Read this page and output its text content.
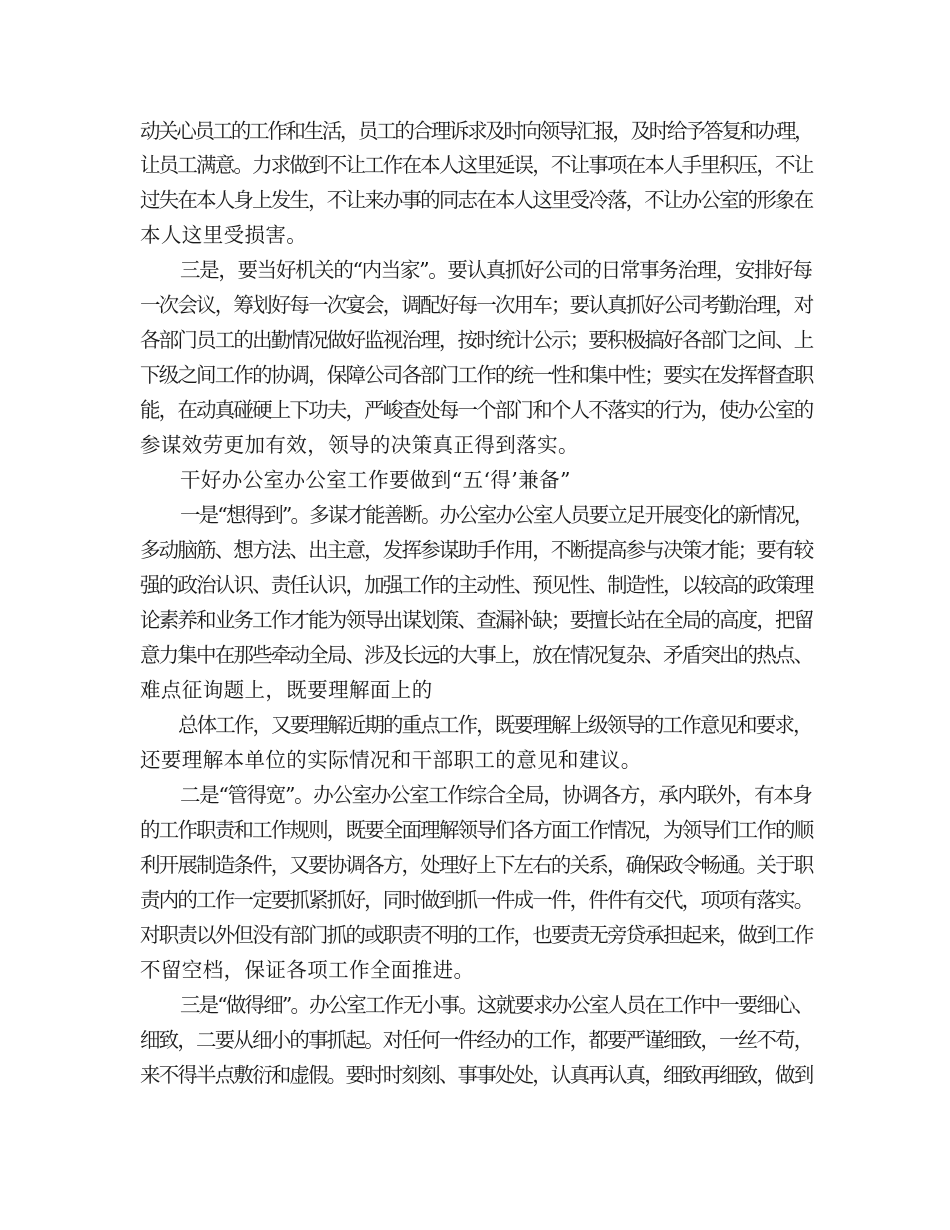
动关心员工的工作和生活，员工的合理诉求及时向领导汇报，及时给予答复和办理，
让员工满意。力求做到不让工作在本人这里延误，不让事项在本人手里积压，不让
过失在本人身上发生，不让来办事的同志在本人这里受冷落，不让办公室的形象在
本人这里受损害。
三是，要当好机关的“内当家”。要认真抓好公司的日常事务治理，安排好每
一次会议，筹划好每一次宴会，调配好每一次用车；要认真抓好公司考勤治理，对
各部门员工的出勤情况做好监视治理，按时统计公示；要积极搞好各部门之间、上
下级之间工作的协调，保障公司各部门工作的统一性和集中性；要实在发挥督查职
能，在动真碰硬上下功夫，严峻查处每一个部门和个人不落实的行为，使办公室的
参谋效劳更加有效，领导的决策真正得到落实。
干好办公室办公室工作要做到“五‘得’兼备”
一是“想得到”。多谋才能善断。办公室办公室人员要立足开展变化的新情况，
多动脑筋、想方法、出主意，发挥参谋助手作用，不断提高参与决策才能；要有较
强的政治认识、责任认识，加强工作的主动性、预见性、制造性，以较高的政策理
论素养和业务工作才能为领导出谋划策、查漏补缺；要擅长站在全局的高度，把留
意力集中在那些牵动全局、涉及长远的大事上，放在情况复杂、矛盾突出的热点、
难点征询题上，既要理解面上的
总体工作，又要理解近期的重点工作，既要理解上级领导的工作意见和要求，
还要理解本单位的实际情况和干部职工的意见和建议。
二是“管得宽”。办公室办公室工作综合全局，协调各方，承内联外，有本身
的工作职责和工作规则，既要全面理解领导们各方面工作情况，为领导们工作的顺
利开展制造条件，又要协调各方，处理好上下左右的关系，确保政令畅通。关于职
责内的工作一定要抓紧抓好，同时做到抓一件成一件，件件有交代，项项有落实。
对职责以外但没有部门抓的或职责不明的工作，也要责无旁贷承担起来，做到工作
不留空档，保证各项工作全面推进。
三是“做得细”。办公室工作无小事。这就要求办公室人员在工作中一要细心、
细致，二要从细小的事抓起。对任何一件经办的工作，都要严谨细致，一丝不苟，
来不得半点敷衍和虚假。要时时刻刻、事事处处，认真再认真，细致再细致，做到
